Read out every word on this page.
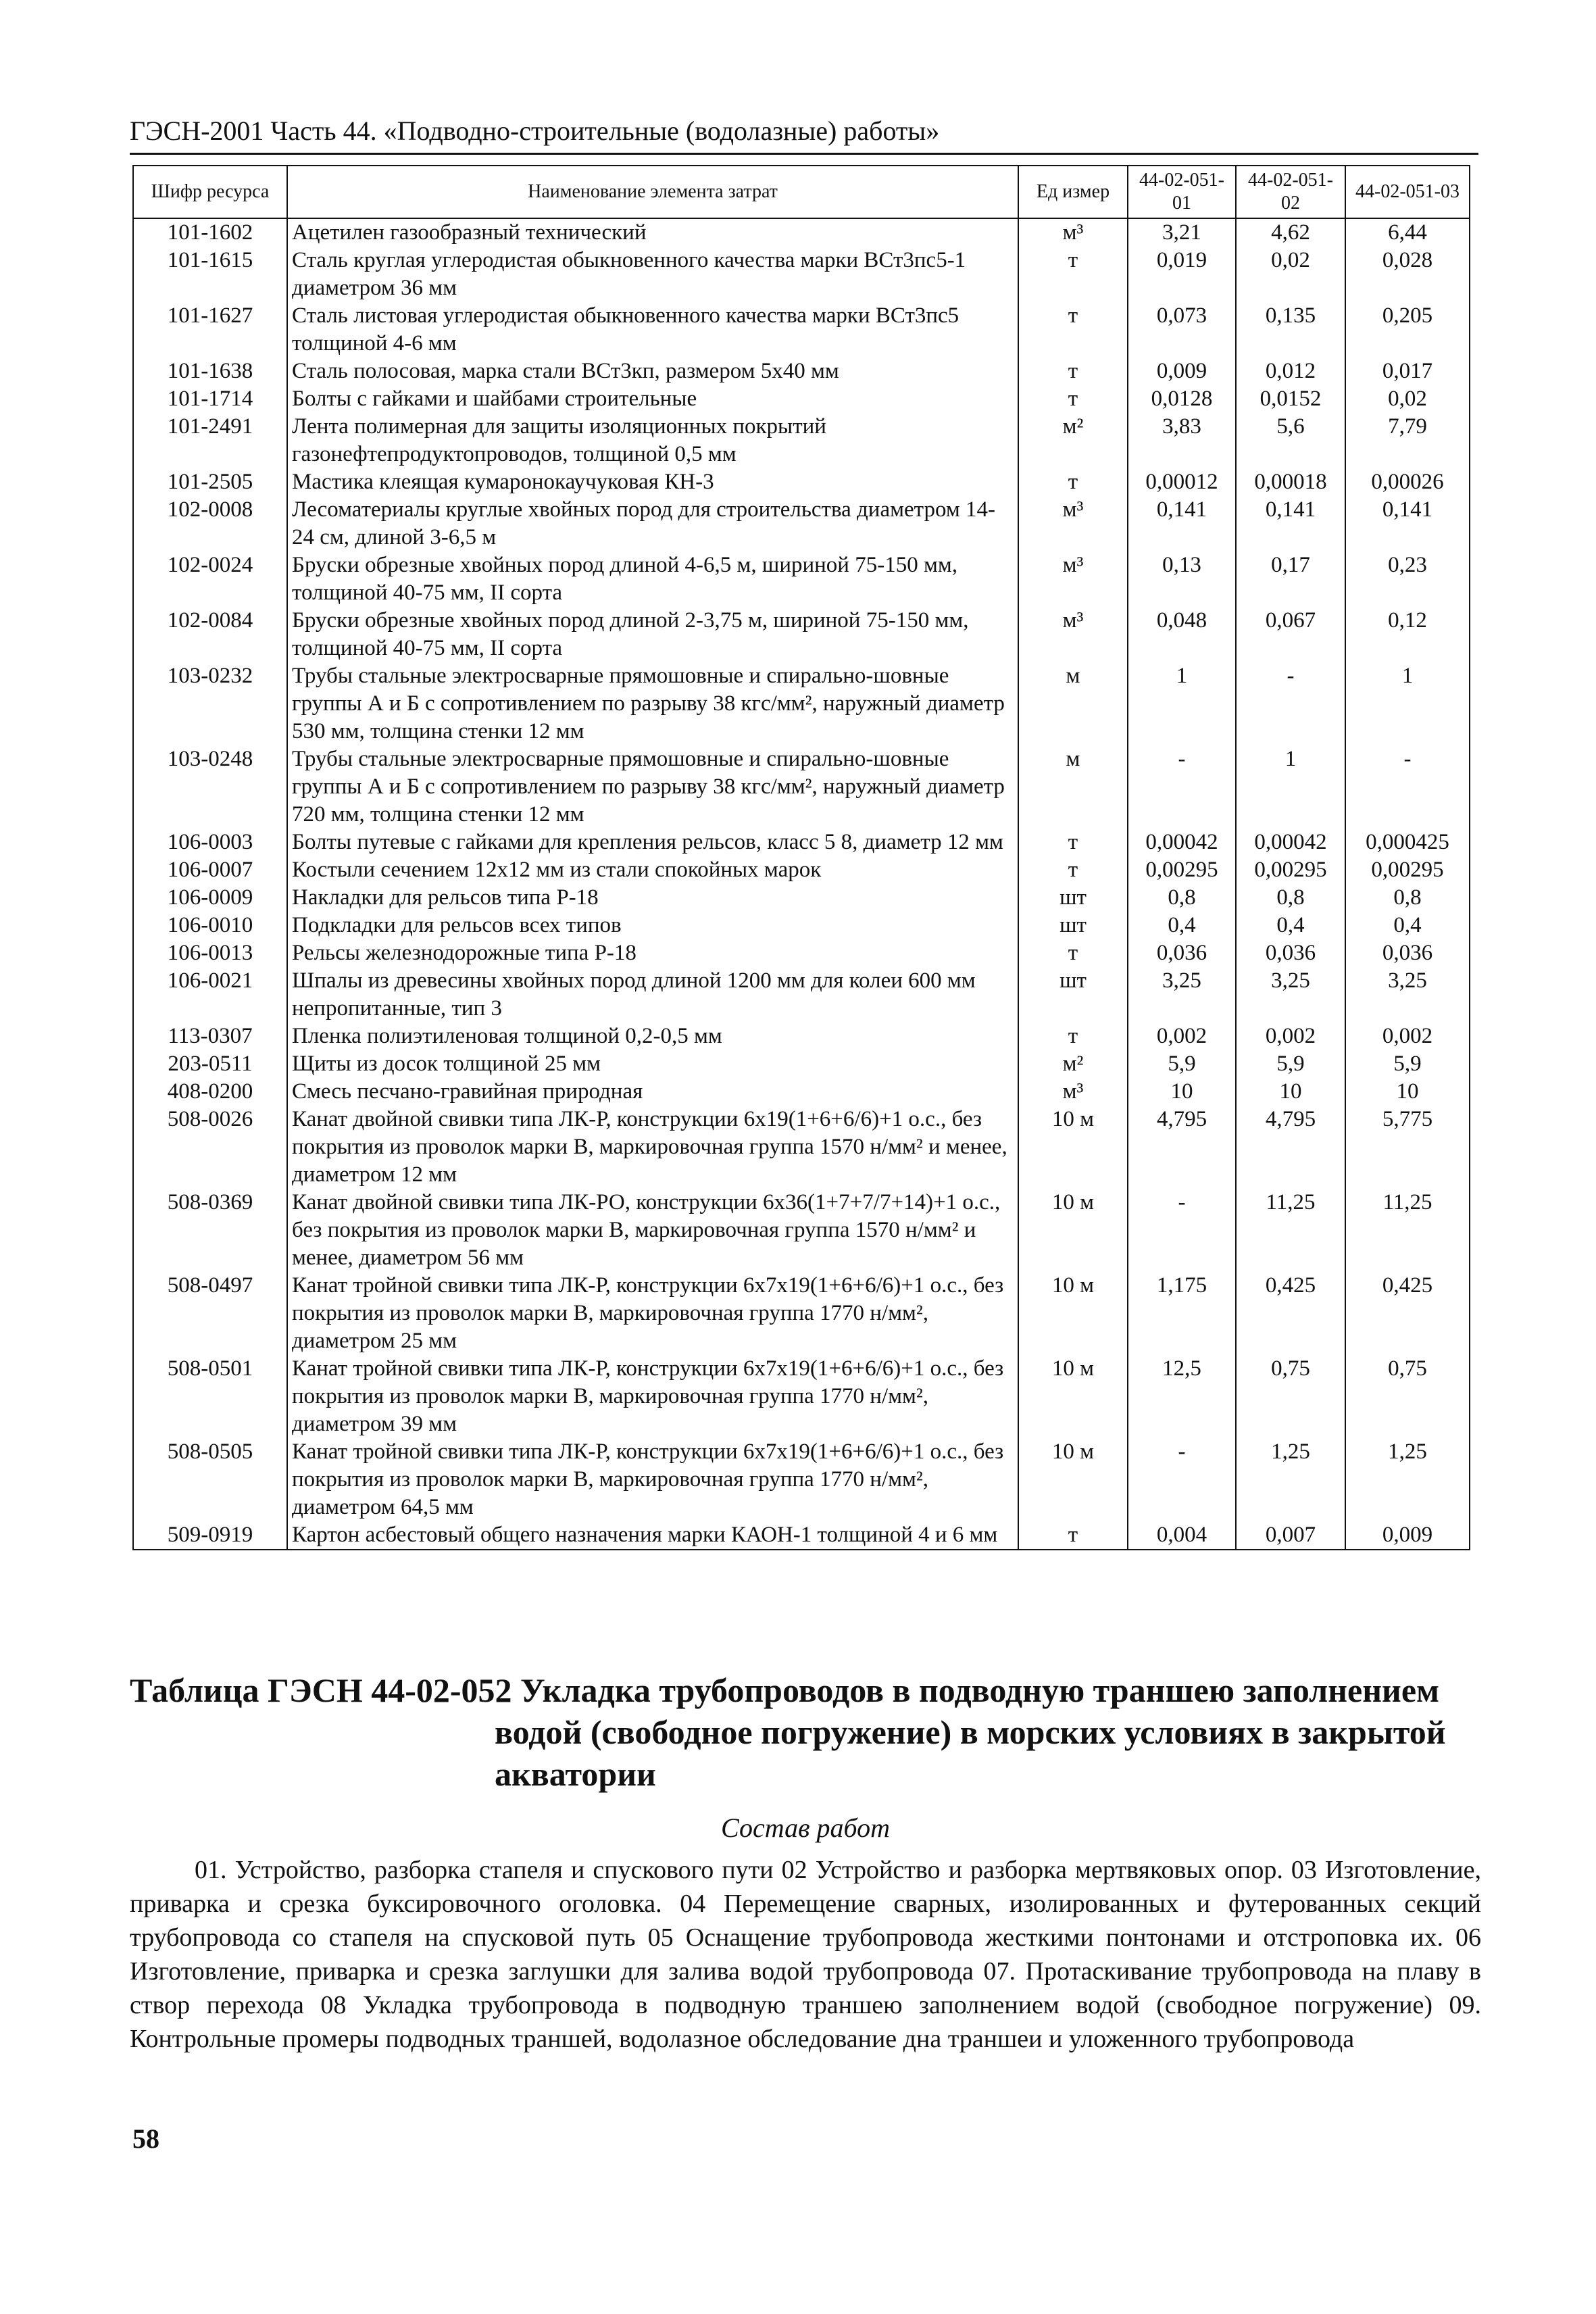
ГЭСН-2001 Часть 44. «Подводно-строительные (водолазные) работы»
Шифр ресурса	Наименование элемента затрат	Ед измер	44-02-051-01	44-02-051-02	44-02-051-03
101-1602	Ацетилен газообразный технический	м³	3,21	4,62	6,44
101-1615	Сталь круглая углеродистая обыкновенного качества марки ВСт3пс5-1 диаметром 36 мм	т	0,019	0,02	0,028
101-1627	Сталь листовая углеродистая обыкновенного качества марки ВСт3пс5 толщиной 4-6 мм	т	0,073	0,135	0,205
101-1638	Сталь полосовая, марка стали ВСт3кп, размером 5х40 мм	т	0,009	0,012	0,017
101-1714	Болты с гайками и шайбами строительные	т	0,0128	0,0152	0,02
101-2491	Лента полимерная для защиты изоляционных покрытий газонефтепродуктопроводов, толщиной 0,5 мм	м²	3,83	5,6	7,79
101-2505	Мастика клеящая кумаронокаучуковая КН-3	т	0,00012	0,00018	0,00026
102-0008	Лесоматериалы круглые хвойных пород для строительства диаметром 14-24 см, длиной 3-6,5 м	м³	0,141	0,141	0,141
102-0024	Бруски обрезные хвойных пород длиной 4-6,5 м, шириной 75-150 мм, толщиной 40-75 мм, II сорта	м³	0,13	0,17	0,23
102-0084	Бруски обрезные хвойных пород длиной 2-3,75 м, шириной 75-150 мм, толщиной 40-75 мм, II сорта	м³	0,048	0,067	0,12
103-0232	Трубы стальные электросварные прямошовные и спирально-шовные группы А и Б с сопротивлением по разрыву 38 кгс/мм², наружный диаметр 530 мм, толщина стенки 12 мм	м	1	-	1
103-0248	Трубы стальные электросварные прямошовные и спирально-шовные группы А и Б с сопротивлением по разрыву 38 кгс/мм², наружный диаметр 720 мм, толщина стенки 12 мм	м	-	1	-
106-0003	Болты путевые с гайками для крепления рельсов, класс 5 8, диаметр 12 мм	т	0,00042	0,00042	0,000425
106-0007	Костыли сечением 12х12 мм из стали спокойных марок	т	0,00295	0,00295	0,00295
106-0009	Накладки для рельсов типа Р-18	шт	0,8	0,8	0,8
106-0010	Подкладки для рельсов всех типов	шт	0,4	0,4	0,4
106-0013	Рельсы железнодорожные типа Р-18	т	0,036	0,036	0,036
106-0021	Шпалы из древесины хвойных пород длиной 1200 мм для колеи 600 мм непропитанные, тип 3	шт	3,25	3,25	3,25
113-0307	Пленка полиэтиленовая толщиной 0,2-0,5 мм	т	0,002	0,002	0,002
203-0511	Щиты из досок толщиной 25 мм	м²	5,9	5,9	5,9
408-0200	Смесь песчано-гравийная природная	м³	10	10	10
508-0026	Канат двойной свивки типа ЛК-Р, конструкции 6х19(1+6+6/6)+1 о.с., без покрытия из проволок марки В, маркировочная группа 1570 н/мм² и менее, диаметром 12 мм	10 м	4,795	4,795	5,775
508-0369	Канат двойной свивки типа ЛК-РО, конструкции 6х36(1+7+7/7+14)+1 о.с., без покрытия из проволок марки В, маркировочная группа 1570 н/мм² и менее, диаметром 56 мм	10 м	-	11,25	11,25
508-0497	Канат тройной свивки типа ЛК-Р, конструкции 6х7х19(1+6+6/6)+1 о.с., без покрытия из проволок марки В, маркировочная группа 1770 н/мм², диаметром 25 мм	10 м	1,175	0,425	0,425
508-0501	Канат тройной свивки типа ЛК-Р, конструкции 6х7х19(1+6+6/6)+1 о.с., без покрытия из проволок марки В, маркировочная группа 1770 н/мм², диаметром 39 мм	10 м	12,5	0,75	0,75
508-0505	Канат тройной свивки типа ЛК-Р, конструкции 6х7х19(1+6+6/6)+1 о.с., без покрытия из проволок марки В, маркировочная группа 1770 н/мм², диаметром 64,5 мм	10 м	-	1,25	1,25
509-0919	Картон асбестовый общего назначения марки КАОН-1 толщиной 4 и 6 мм	т	0,004	0,007	0,009
Таблица ГЭСН 44-02-052 Укладка трубопроводов в подводную траншею заполнением водой (свободное погружение) в морских условиях в закрытой акватории
Состав работ
01. Устройство, разборка стапеля и спускового пути 02 Устройство и разборка мертвяковых опор. 03 Изготовление, приварка и срезка буксировочного оголовка. 04 Перемещение сварных, изолированных и футерованных секций трубопровода со стапеля на спусковой путь 05 Оснащение трубопровода жесткими понтонами и отстроповка их. 06 Изготовление, приварка и срезка заглушки для залива водой трубопровода 07. Протаскивание трубопровода на плаву в створ перехода 08 Укладка трубопровода в подводную траншею заполнением водой (свободное погружение) 09. Контрольные промеры подводных траншей, водолазное обследование дна траншеи и уложенного трубопровода
58
